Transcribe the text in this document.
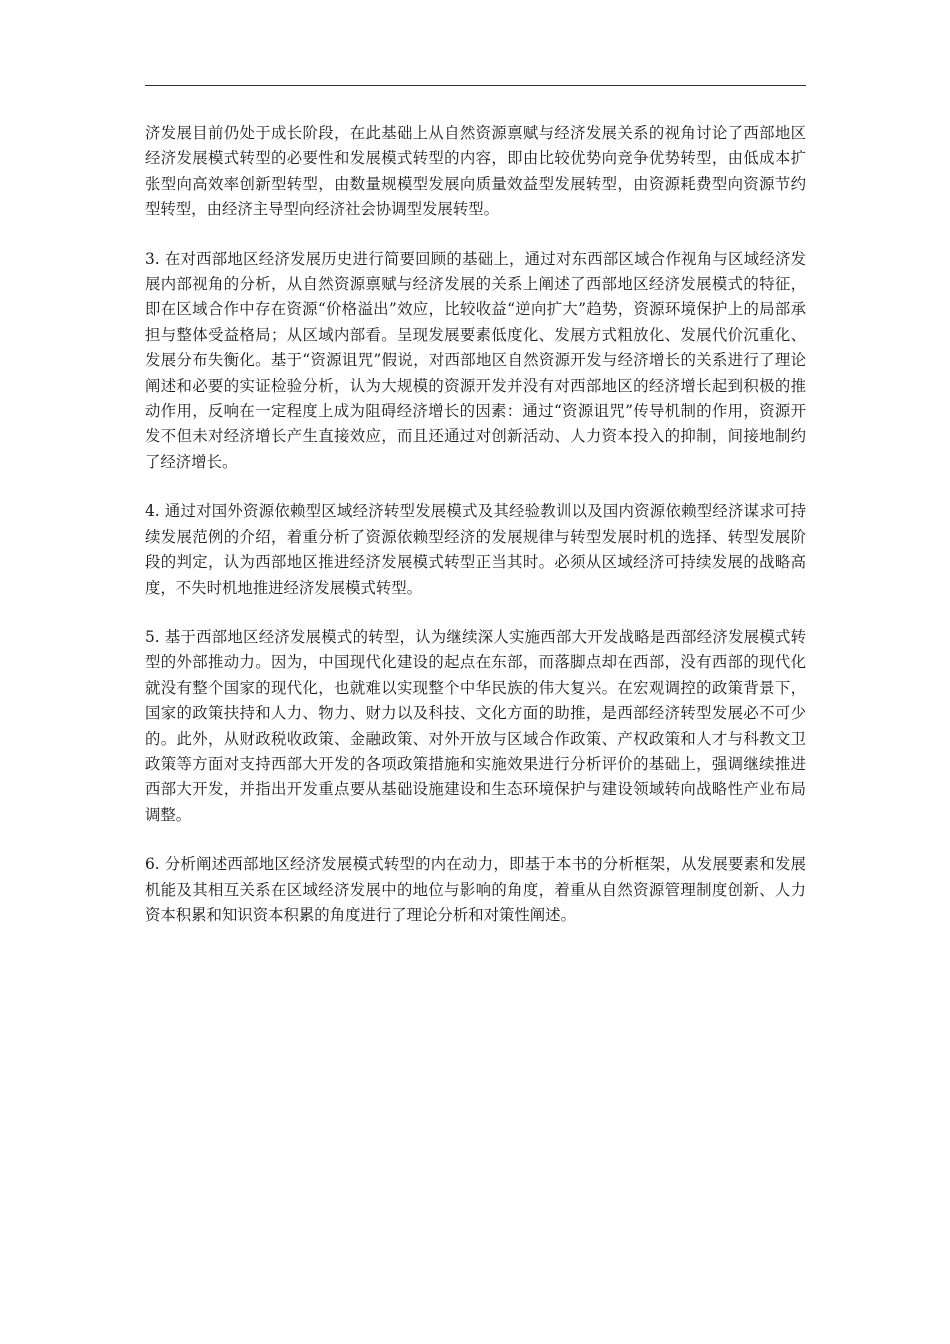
济发展目前仍处于成长阶段，在此基础上从自然资源禀赋与经济发展关系的视角讨论了西部地区经济发展模式转型的必要性和发展模式转型的内容，即由比较优势向竞争优势转型，由低成本扩张型向高效率创新型转型，由数量规模型发展向质量效益型发展转型，由资源耗费型向资源节约型转型，由经济主导型向经济社会协调型发展转型。

3. 在对西部地区经济发展历史进行简要回顾的基础上，通过对东西部区域合作视角与区域经济发展内部视角的分析，从自然资源禀赋与经济发展的关系上阐述了西部地区经济发展模式的特征，即在区域合作中存在资源“价格溢出”效应，比较收益“逆向扩大”趋势，资源环境保护上的局部承担与整体受益格局；从区域内部看。呈现发展要素低度化、发展方式粗放化、发展代价沉重化、发展分布失衡化。基于“资源诅咒”假说，对西部地区自然资源开发与经济增长的关系进行了理论阐述和必要的实证检验分析，认为大规模的资源开发并没有对西部地区的经济增长起到积极的推动作用，反响在一定程度上成为阻碍经济增长的因素：通过“资源诅咒”传导机制的作用，资源开发不但未对经济增长产生直接效应，而且还通过对创新活动、人力资本投入的抑制，间接地制约了经济增长。

4. 通过对国外资源依赖型区域经济转型发展模式及其经验教训以及国内资源依赖型经济谋求可持续发展范例的介绍，着重分析了资源依赖型经济的发展规律与转型发展时机的选择、转型发展阶段的判定，认为西部地区推进经济发展模式转型正当其时。必须从区域经济可持续发展的战略高度，不失时机地推进经济发展模式转型。

5. 基于西部地区经济发展模式的转型，认为继续深人实施西部大开发战略是西部经济发展模式转型的外部推动力。因为，中国现代化建设的起点在东部，而落脚点却在西部，没有西部的现代化就没有整个国家的现代化，也就难以实现整个中华民族的伟大复兴。在宏观调控的政策背景下，国家的政策扶持和人力、物力、财力以及科技、文化方面的助推，是西部经济转型发展必不可少的。此外，从财政税收政策、金融政策、对外开放与区域合作政策、产权政策和人才与科教文卫政策等方面对支持西部大开发的各项政策措施和实施效果进行分析评价的基础上，强调继续推进西部大开发，并指出开发重点要从基础设施建设和生态环境保护与建设领域转向战略性产业布局调整。

6. 分析阐述西部地区经济发展模式转型的内在动力，即基于本书的分析框架，从发展要素和发展机能及其相互关系在区域经济发展中的地位与影响的角度，着重从自然资源管理制度创新、人力资本积累和知识资本积累的角度进行了理论分析和对策性阐述。
